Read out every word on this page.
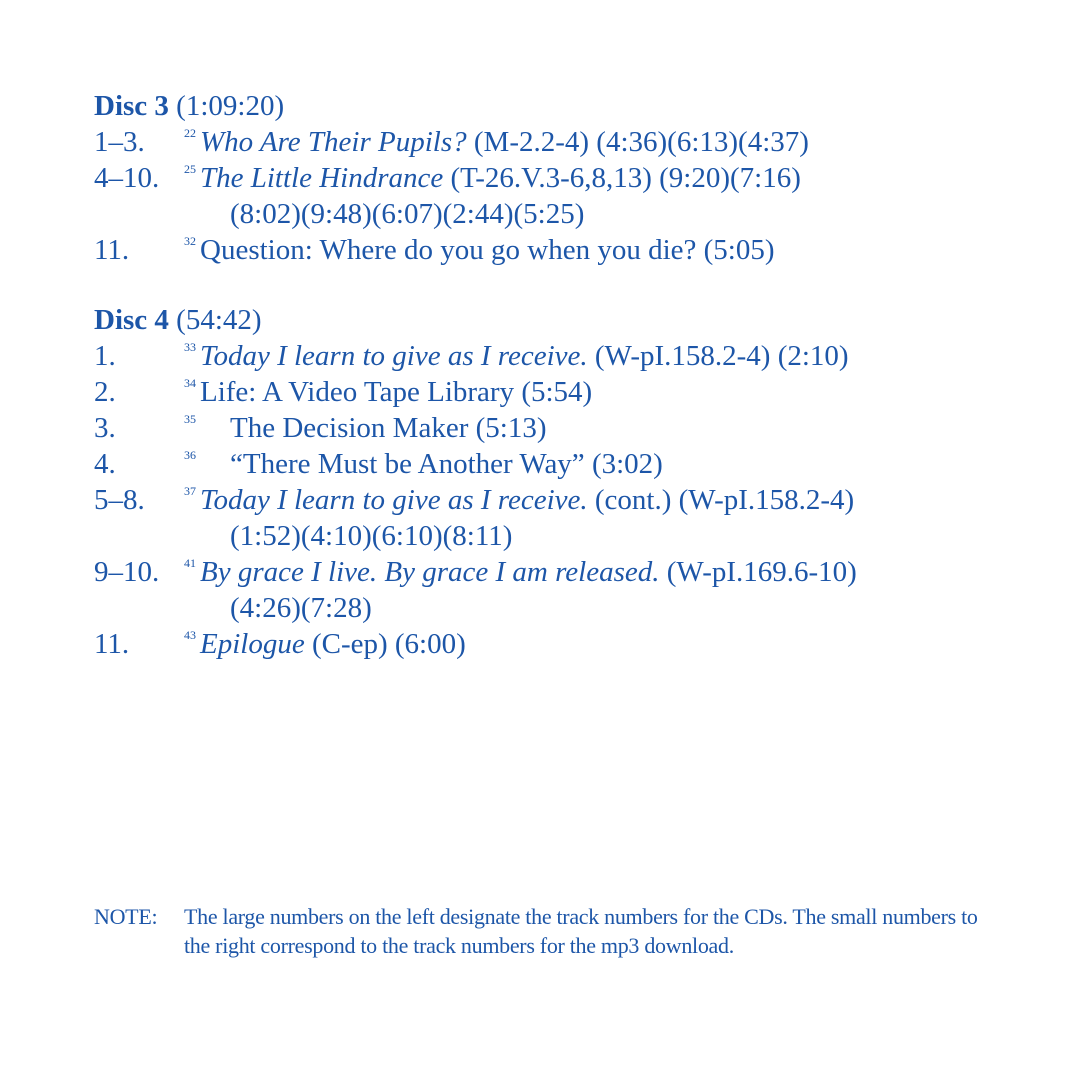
Disc 3 (1:09:20)
1–3.	22 Who Are Their Pupils? (M-2.2-4) (4:36)(6:13)(4:37)
4–10. 25 The Little Hindrance (T-26.V.3-6,8,13) (9:20)(7:16)
(8:02)(9:48)(6:07)(2:44)(5:25)
11.	32 Question: Where do you go when you die? (5:05)
Disc 4 (54:42)
1.	33 Today I learn to give as I receive. (W-pI.158.2-4) (2:10)
2.	34 Life: A Video Tape Library (5:54)
3.	35 The Decision Maker (5:13)
4.	36 “There Must be Another Way” (3:02)
5–8.	37 Today I learn to give as I receive. (cont.) (W-pI.158.2-4)
(1:52)(4:10)(6:10)(8:11)
9–10. 41 By grace I live. By grace I am released. (W-pI.169.6-10)
(4:26)(7:28)
11.	43 Epilogue (C-ep) (6:00)
NOTE: The large numbers on the left designate the track numbers for the CDs. The small numbers to the right correspond to the track numbers for the mp3 download.
